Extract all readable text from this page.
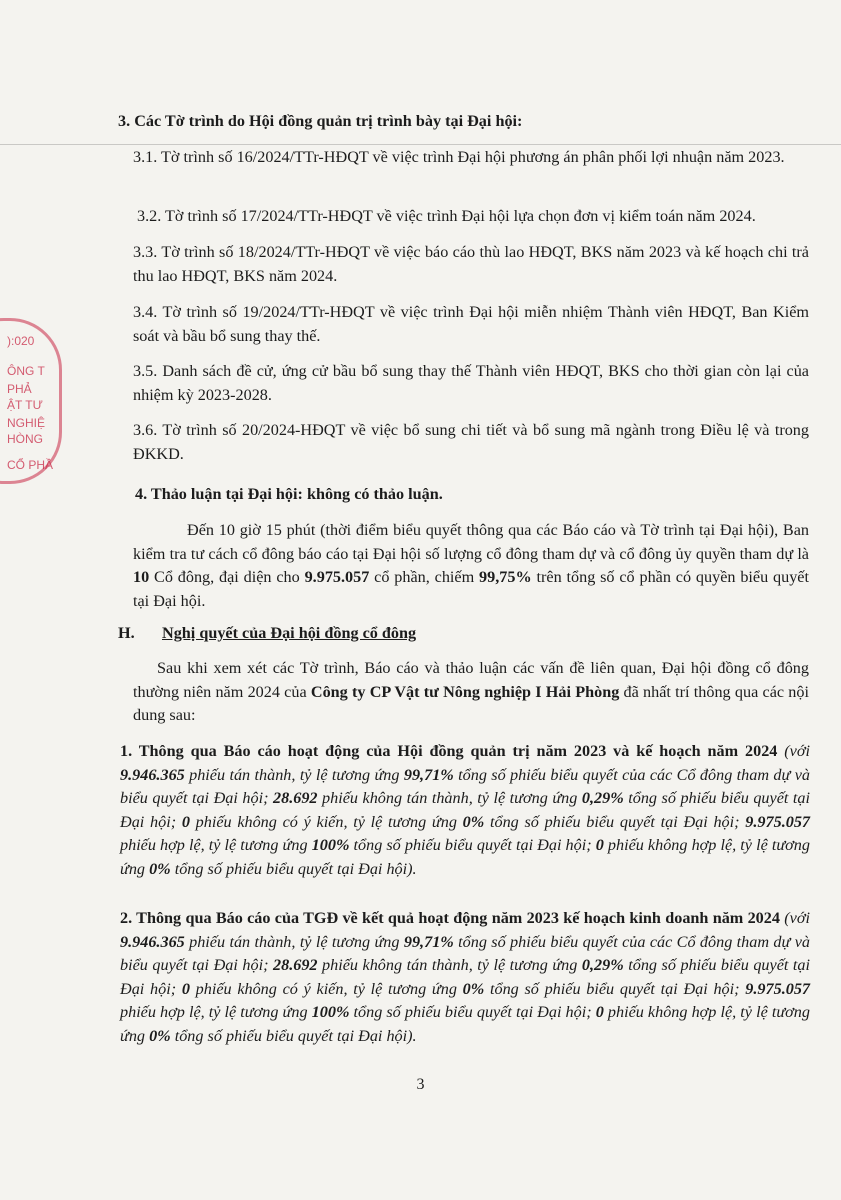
):020
ÔNG T
PHẢ
ẬT TƯ
NGHIỆ
HÒNG
CỔ PHẦ

3. Các Tờ trình do Hội đồng quản trị trình bày tại Đại hội:

3.1. Tờ trình số 16/2024/TTr-HĐQT về việc trình Đại hội phương án phân phối lợi nhuận năm 2023.

3.2. Tờ trình số 17/2024/TTr-HĐQT về việc trình Đại hội lựa chọn đơn vị kiểm toán năm 2024.

3.3. Tờ trình số 18/2024/TTr-HĐQT về việc báo cáo thù lao HĐQT, BKS năm 2023 và kế hoạch chi trả thu lao HĐQT, BKS năm 2024.

3.4. Tờ trình số 19/2024/TTr-HĐQT về việc trình Đại hội miễn nhiệm Thành viên HĐQT, Ban Kiểm soát và bầu bổ sung thay thế.

3.5. Danh sách đề cử, ứng cử bầu bổ sung thay thế Thành viên HĐQT, BKS cho thời gian còn lại của nhiệm kỳ 2023-2028.

3.6. Tờ trình số 20/2024-HĐQT về việc bổ sung chi tiết và bổ sung mã ngành trong Điều lệ và trong ĐKKD.

4. Thảo luận tại Đại hội: không có thảo luận.

Đến 10 giờ 15 phút (thời điểm biểu quyết thông qua các Báo cáo và Tờ trình tại Đại hội), Ban kiểm tra tư cách cổ đông báo cáo tại Đại hội số lượng cổ đông tham dự và cổ đông ủy quyền tham dự là 10 Cổ đông, đại diện cho 9.975.057 cổ phần, chiếm 99,75% trên tổng số cổ phần có quyền biểu quyết tại Đại hội.

H.	Nghị quyết của Đại hội đồng cổ đông

Sau khi xem xét các Tờ trình, Báo cáo và thảo luận các vấn đề liên quan, Đại hội đồng cổ đông thường niên năm 2024 của Công ty CP Vật tư Nông nghiệp I Hải Phòng đã nhất trí thông qua các nội dung sau:

1. Thông qua Báo cáo hoạt động của Hội đồng quản trị năm 2023 và kế hoạch năm 2024 (với 9.946.365 phiếu tán thành, tỷ lệ tương ứng 99,71% tổng số phiếu biểu quyết của các Cổ đông tham dự và biểu quyết tại Đại hội; 28.692 phiếu không tán thành, tỷ lệ tương ứng 0,29% tổng số phiếu biểu quyết tại Đại hội; 0 phiếu không có ý kiến, tỷ lệ tương ứng 0% tổng số phiếu biểu quyết tại Đại hội; 9.975.057 phiếu hợp lệ, tỷ lệ tương ứng 100% tổng số phiếu biểu quyết tại Đại hội; 0 phiếu không hợp lệ, tỷ lệ tương ứng 0% tổng số phiếu biểu quyết tại Đại hội).

2. Thông qua Báo cáo của TGĐ về kết quả hoạt động năm 2023 kế hoạch kinh doanh năm 2024 (với 9.946.365 phiếu tán thành, tỷ lệ tương ứng 99,71% tổng số phiếu biểu quyết của các Cổ đông tham dự và biểu quyết tại Đại hội; 28.692 phiếu không tán thành, tỷ lệ tương ứng 0,29% tổng số phiếu biểu quyết tại Đại hội; 0 phiếu không có ý kiến, tỷ lệ tương ứng 0% tổng số phiếu biểu quyết tại Đại hội; 9.975.057 phiếu hợp lệ, tỷ lệ tương ứng 100% tổng số phiếu biểu quyết tại Đại hội; 0 phiếu không hợp lệ, tỷ lệ tương ứng 0% tổng số phiếu biểu quyết tại Đại hội).

3
